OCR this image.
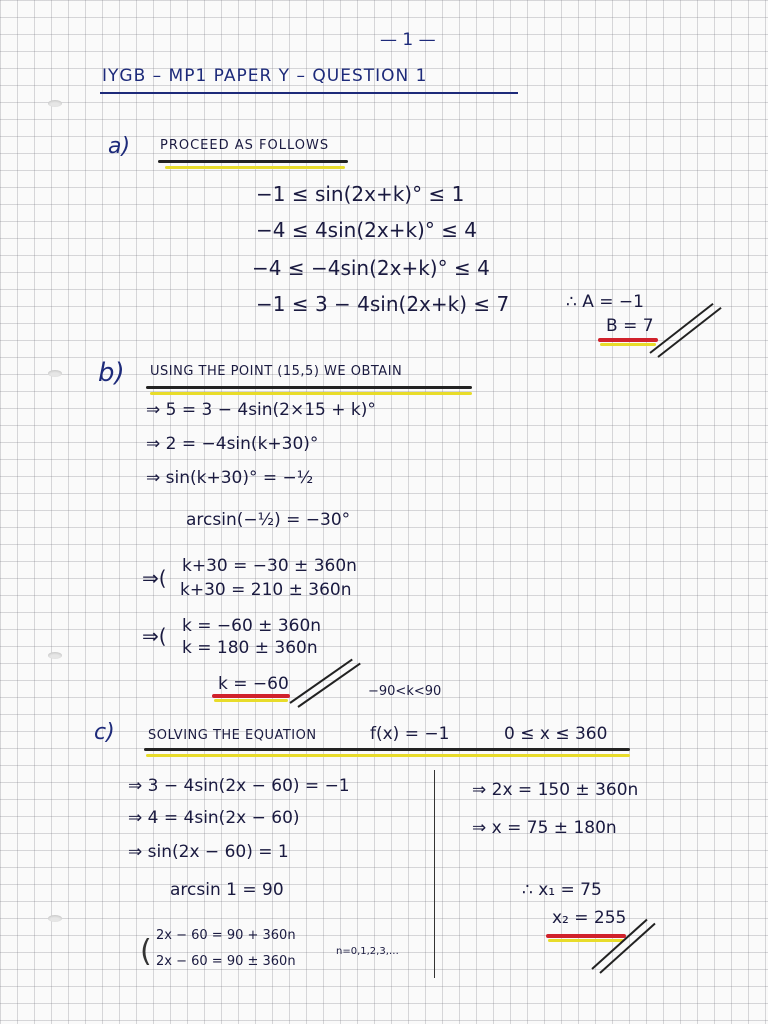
— 1 —
IYGB – MP1 PAPER Y – QUESTION 1
a) PROCEED AS FOLLOWS
−1 ≤ sin(2x+k)° ≤ 1
−4 ≤ 4sin(2x+k)° ≤ 4
−4 ≤ −4sin(2x+k)° ≤ 4
−1 ≤ 3 − 4sin(2x+k) ≤ 7	∴ A = −1
B = 7
b) USING THE POINT (15,5) WE OBTAIN
⇒ 5 = 3 − 4sin(2×15 + k)°
⇒ 2 = −4sin(k+30)°
⇒ sin(k+30)° = −½
arcsin(−½) = −30°
⇒( k+30 = −30 ± 360n
k+30 = 210 ± 360n
⇒( k = −60 ± 360n
k = 180 ± 360n
k = −60	−90<k<90
c)	SOLVING THE EQUATION	f(x) = −1	0 ≤ x ≤ 360
⇒ 3 − 4sin(2x − 60) = −1
⇒ 4 = 4sin(2x − 60)
⇒ sin(2x − 60) = 1
arcsin 1 = 90
( 2x − 60 = 90 + 360n
2x − 60 = 90 ± 360n
n=0,1,2,3,…
⇒ 2x = 150 ± 360n
⇒ x = 75 ± 180n
∴ x₁ = 75
x₂ = 255
